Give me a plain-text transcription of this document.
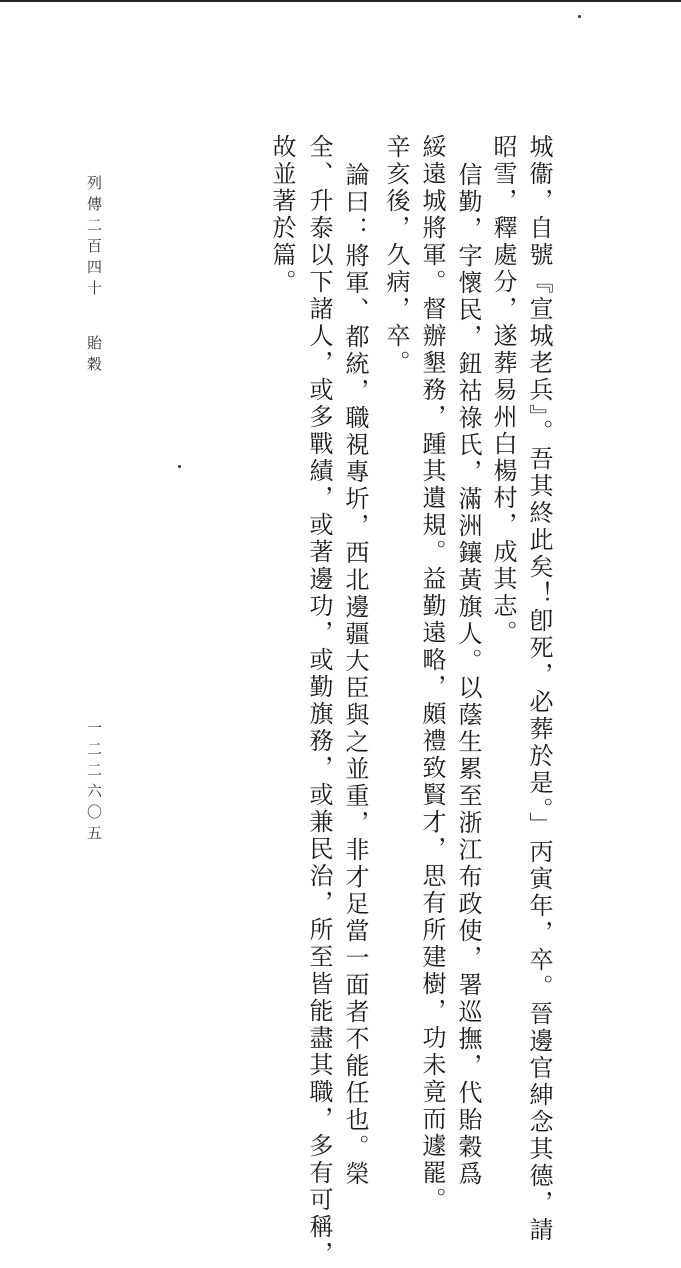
城衞，自號『宣城老兵』。吾其終此矣！卽死，必葬於是。」丙寅年，卒。晉邊官紳念其德，請
昭雪，釋處分，遂葬易州白楊村，成其志。
信勤，字懷民，鈕祜祿氏，滿洲鑲黃旗人。以蔭生累至浙江布政使，署巡撫，代貽穀爲
綏遠城將軍。督辦墾務，踵其遺規。益勤遠略，頗禮致賢才，思有所建樹，功未竟而遽罷。
辛亥後，久病，卒。
論曰：將軍、都統，職視專圻，西北邊疆大臣與之並重，非才足當一面者不能任也。榮
全、升泰以下諸人，或多戰績，或著邊功，或勤旗務，或兼民治，所至皆能盡其職，多有可稱，
故並著於篇。
列傳二百四十
貽穀
一二二六〇五
